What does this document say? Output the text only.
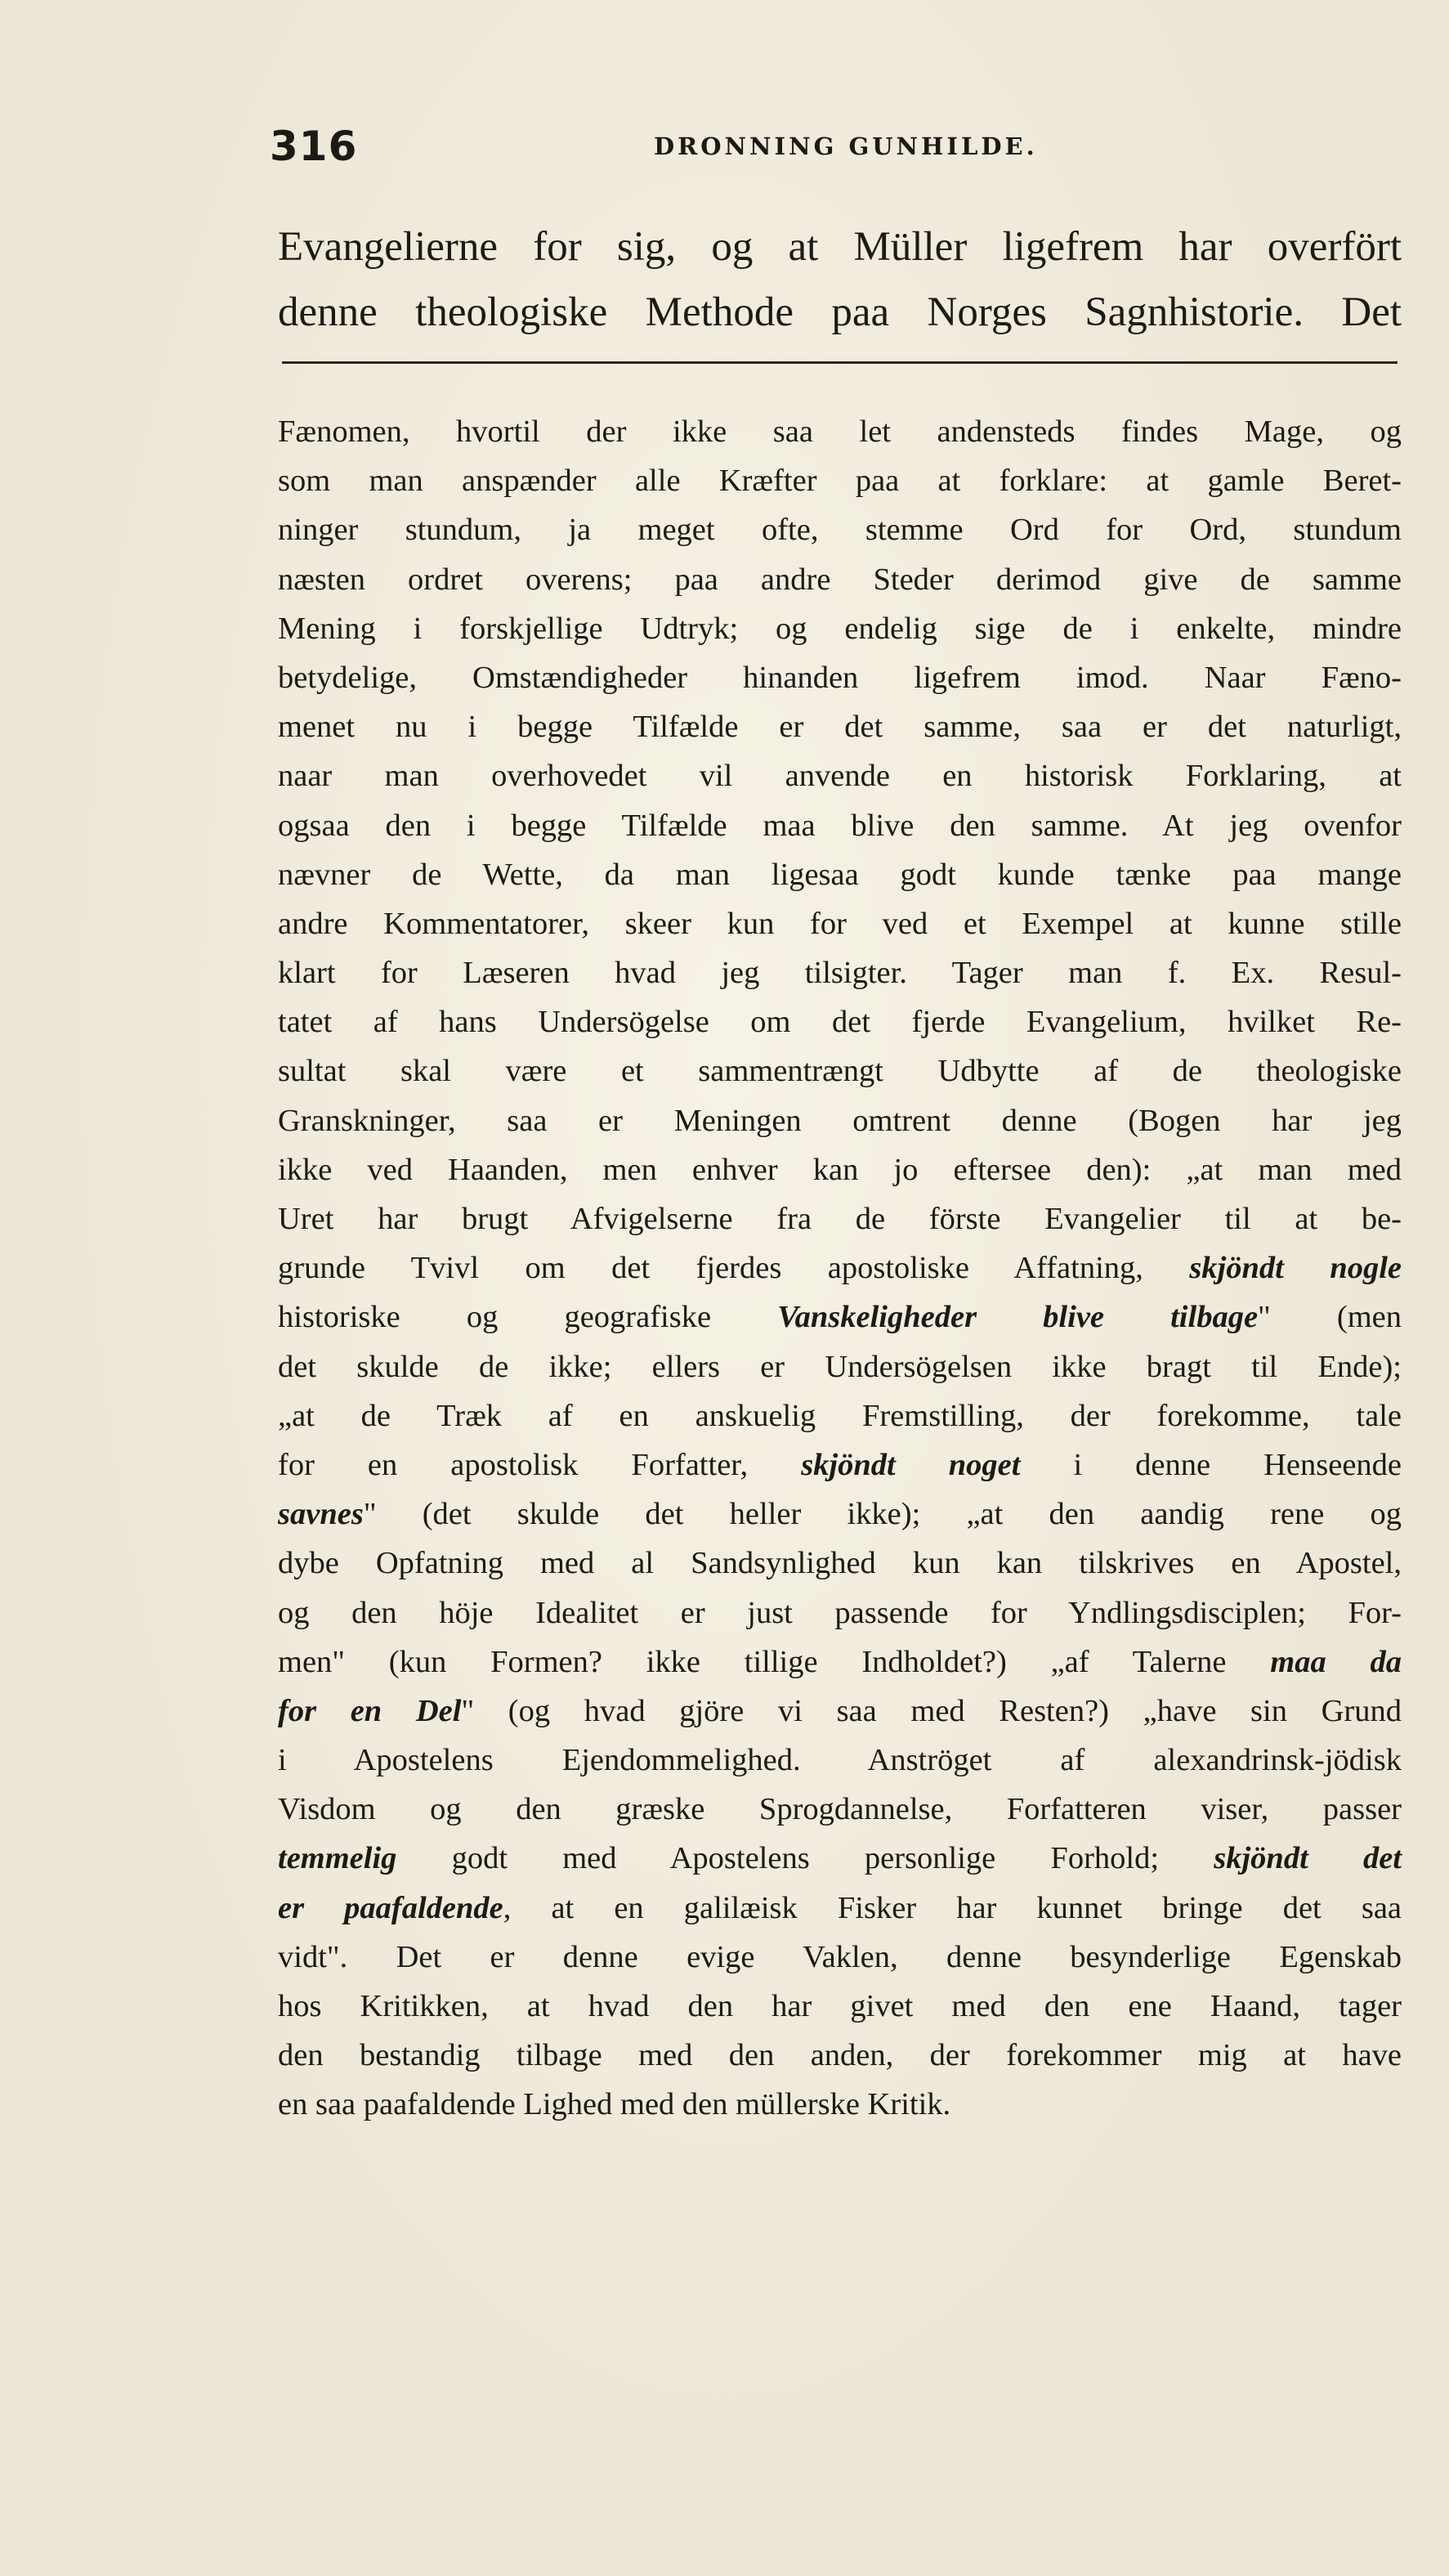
316	DRONNING GUNHILDE.
Evangelierne for sig, og at Müller ligefrem har overfört
denne theologiske Methode paa Norges Sagnhistorie. Det
Fænomen, hvortil der ikke saa let andensteds findes Mage, og
som man anspænder alle Kræfter paa at forklare: at gamle Beret-
ninger stundum, ja meget ofte, stemme Ord for Ord, stundum
næsten ordret overens; paa andre Steder derimod give de samme
Mening i forskjellige Udtryk; og endelig sige de i enkelte, mindre
betydelige, Omstændigheder hinanden ligefrem imod. Naar Fæno-
menet nu i begge Tilfælde er det samme, saa er det naturligt,
naar man overhovedet vil anvende en historisk Forklaring, at
ogsaa den i begge Tilfælde maa blive den samme. At jeg ovenfor
nævner de Wette, da man ligesaa godt kunde tænke paa mange
andre Kommentatorer, skeer kun for ved et Exempel at kunne stille
klart for Læseren hvad jeg tilsigter. Tager man f. Ex. Resul-
tatet af hans Undersögelse om det fjerde Evangelium, hvilket Re-
sultat skal være et sammentrængt Udbytte af de theologiske
Granskninger, saa er Meningen omtrent denne (Bogen har jeg
ikke ved Haanden, men enhver kan jo eftersee den): „at man med
Uret har brugt Afvigelserne fra de förste Evangelier til at be-
grunde Tvivl om det fjerdes apostoliske Affatning, skjöndt nogle
historiske og geografiske Vanskeligheder blive tilbage" (men
det skulde de ikke; ellers er Undersögelsen ikke bragt til Ende);
„at de Træk af en anskuelig Fremstilling, der forekomme, tale
for en apostolisk Forfatter, skjöndt noget i denne Henseende
savnes" (det skulde det heller ikke); „at den aandig rene og
dybe Opfatning med al Sandsynlighed kun kan tilskrives en Apostel,
og den höje Idealitet er just passende for Yndlingsdisciplen; For-
men" (kun Formen? ikke tillige Indholdet?) „af Talerne maa da
for en Del" (og hvad gjöre vi saa med Resten?) „have sin Grund
i Apostelens Ejendommelighed. Anströget af alexandrinsk-jödisk
Visdom og den græske Sprogdannelse, Forfatteren viser, passer
temmelig godt med Apostelens personlige Forhold; skjöndt det
er paafaldende, at en galilæisk Fisker har kunnet bringe det saa
vidt". Det er denne evige Vaklen, denne besynderlige Egenskab
hos Kritikken, at hvad den har givet med den ene Haand, tager
den bestandig tilbage med den anden, der forekommer mig at have
en saa paafaldende Lighed med den müllerske Kritik.
